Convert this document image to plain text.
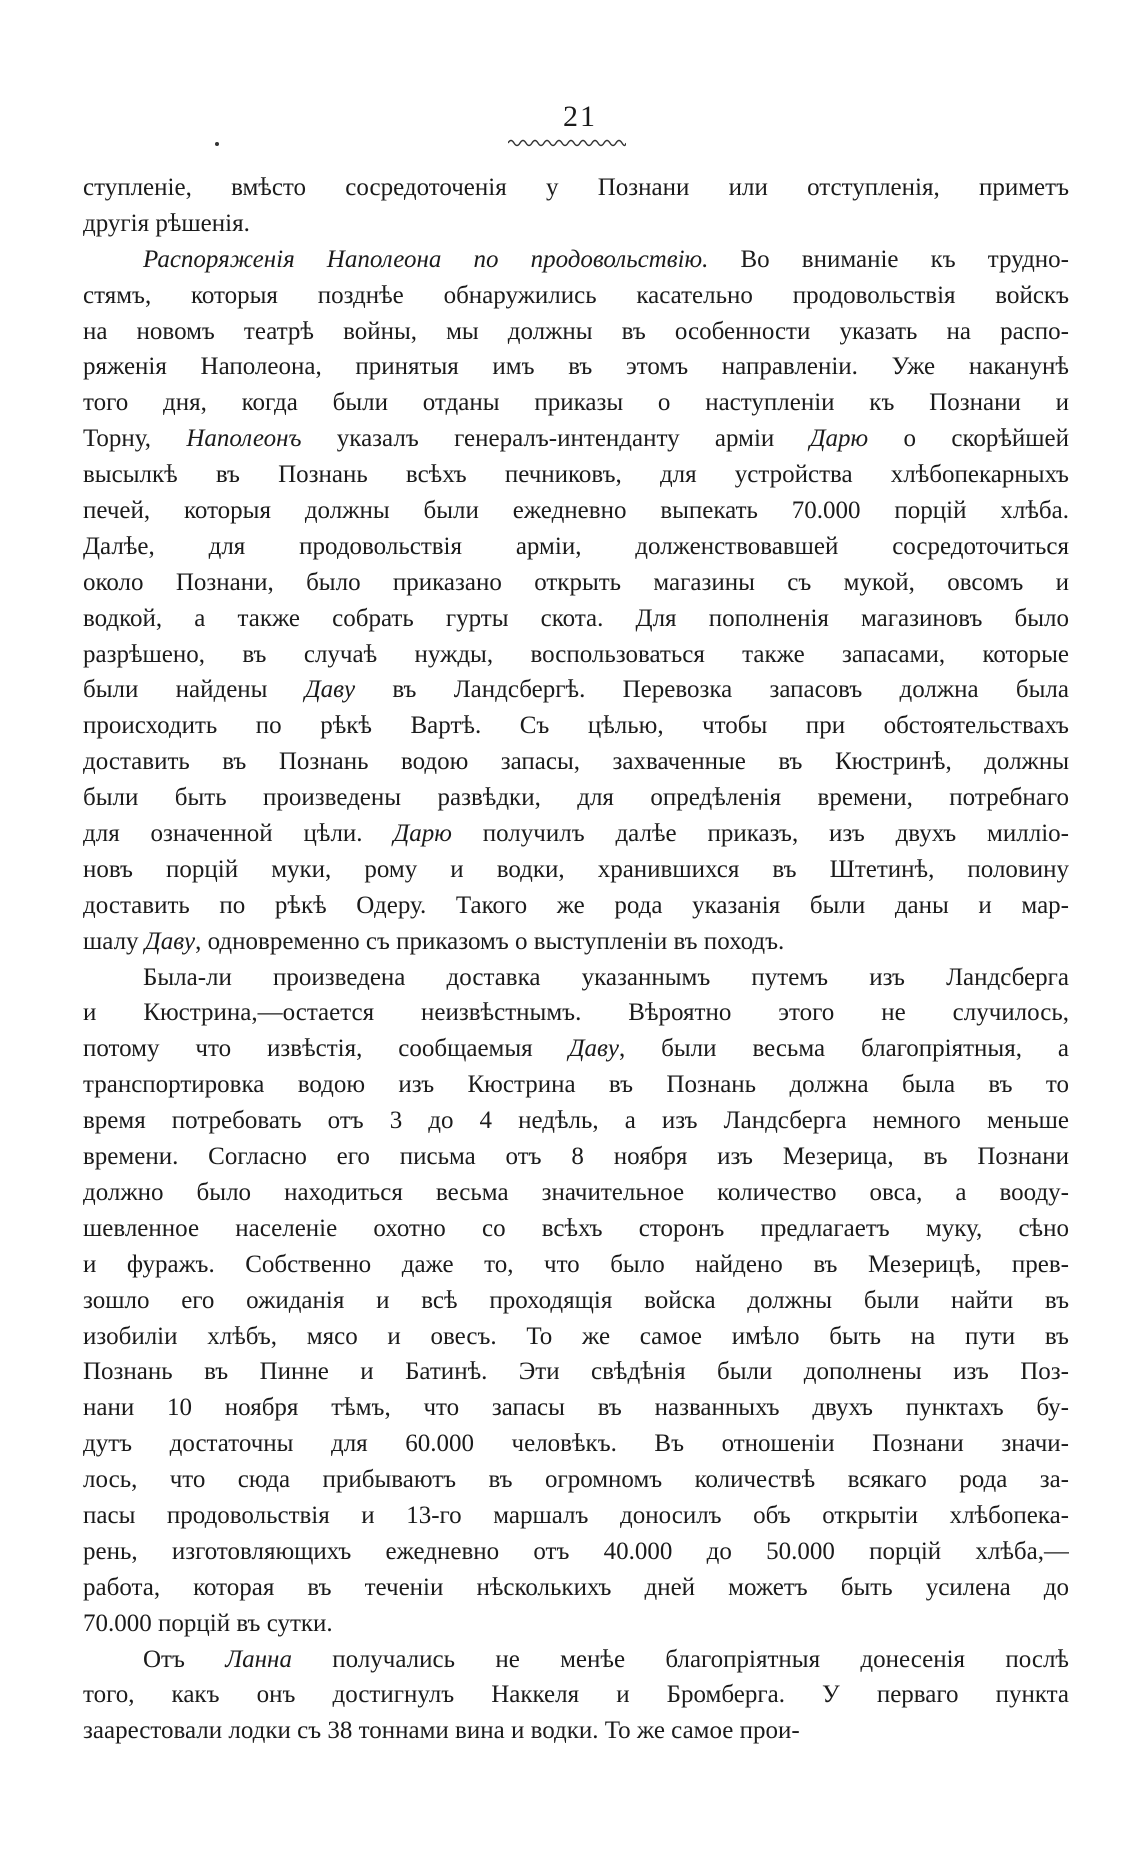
21
ступленіе, вмѣсто сосредоточенія у Познани или отступленія, приметъ
другія рѣшенія.
Распоряженія Наполеона по продовольствію. Во вниманіе къ трудно-
стямъ, которыя позднѣе обнаружились касательно продовольствія войскъ
на новомъ театрѣ войны, мы должны въ особенности указать на распо-
ряженія Наполеона, принятыя имъ въ этомъ направленіи. Уже наканунѣ
того дня, когда были отданы приказы о наступленіи къ Познани и
Торну, Наполеонъ указалъ генералъ-интенданту арміи Дарю о скорѣйшей
высылкѣ въ Познань всѣхъ печниковъ, для устройства хлѣбопекарныхъ
печей, которыя должны были ежедневно выпекать 70.000 порцій хлѣба.
Далѣе, для продовольствія арміи, долженствовавшей сосредоточиться
около Познани, было приказано открыть магазины съ мукой, овсомъ и
водкой, а также собрать гурты скота. Для пополненія магазиновъ было
разрѣшено, въ случаѣ нужды, воспользоваться также запасами, которые
были найдены Даву въ Ландсбергѣ. Перевозка запасовъ должна была
происходить по рѣкѣ Вартѣ. Съ цѣлью, чтобы при обстоятельствахъ
доставить въ Познань водою запасы, захваченные въ Кюстринѣ, должны
были быть произведены развѣдки, для опредѣленія времени, потребнаго
для означенной цѣли. Дарю получилъ далѣе приказъ, изъ двухъ милліо-
новъ порцій муки, рому и водки, хранившихся въ Штетинѣ, половину
доставить по рѣкѣ Одеру. Такого же рода указанія были даны и мар-
шалу Даву, одновременно съ приказомъ о выступленіи въ походъ.
Была-ли произведена доставка указаннымъ путемъ изъ Ландсберга
и Кюстрина,—остается неизвѣстнымъ. Вѣроятно этого не случилось,
потому что извѣстія, сообщаемыя Даву, были весьма благопріятныя, а
транспортировка водою изъ Кюстрина въ Познань должна была въ то
время потребовать отъ 3 до 4 недѣль, а изъ Ландсберга немного меньше
времени. Согласно его письма отъ 8 ноября изъ Мезерица, въ Познани
должно было находиться весьма значительное количество овса, а вооду-
шевленное населеніе охотно со всѣхъ сторонъ предлагаетъ муку, сѣно
и фуражъ. Собственно даже то, что было найдено въ Мезерицѣ, прев-
зошло его ожиданія и всѣ проходящія войска должны были найти въ
изобиліи хлѣбъ, мясо и овесъ. То же самое имѣло быть на пути въ
Познань въ Пинне и Батинѣ. Эти свѣдѣнія были дополнены изъ Поз-
нани 10 ноября тѣмъ, что запасы въ названныхъ двухъ пунктахъ бу-
дутъ достаточны для 60.000 человѣкъ. Въ отношеніи Познани значи-
лось, что сюда прибываютъ въ огромномъ количествѣ всякаго рода за-
пасы продовольствія и 13-го маршалъ доносилъ объ открытіи хлѣбопека-
рень, изготовляющихъ ежедневно отъ 40.000 до 50.000 порцій хлѣба,—
работа, которая въ теченіи нѣсколькихъ дней можетъ быть усилена до
70.000 порцій въ сутки.
Отъ Ланна получались не менѣе благопріятныя донесенія послѣ
того, какъ онъ достигнулъ Наккеля и Бромберга. У перваго пункта
заарестовали лодки съ 38 тоннами вина и водки. То же самое прои-
